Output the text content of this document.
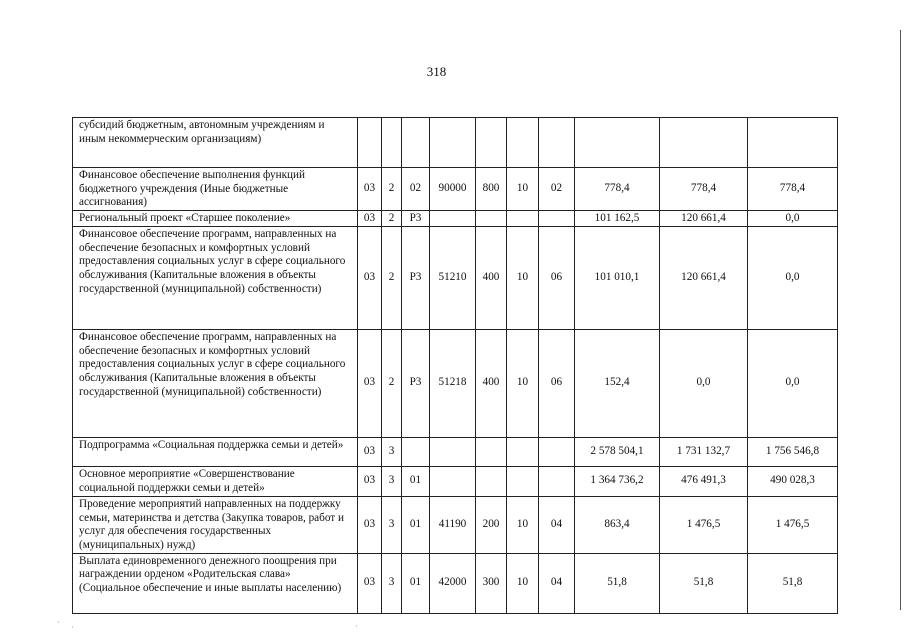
318
субсидий бюджетным, автономным учреждениям и иным некоммерческим организациям)										
Финансовое обеспечение выполнения функций бюджетного учреждения (Иные бюджетные ассигнования)	03	2	02	90000	800	10	02	778,4	778,4	778,4
Региональный проект «Старшее поколение»	03	2	P3					101 162,5	120 661,4	0,0
Финансовое обеспечение программ, направленных на обеспечение безопасных и комфортных условий предоставления социальных услуг в сфере социального обслуживания (Капитальные вложения в объекты государственной (муниципальной) собственности)	03	2	P3	51210	400	10	06	101 010,1	120 661,4	0,0
Финансовое обеспечение программ, направленных на обеспечение безопасных и комфортных условий предоставления социальных услуг в сфере социального обслуживания (Капитальные вложения в объекты государственной (муниципальной) собственности)	03	2	P3	51218	400	10	06	152,4	0,0	0,0
Подпрограмма «Социальная поддержка семьи и детей»	03	3						2 578 504,1	1 731 132,7	1 756 546,8
Основное мероприятие «Совершенствование социальной поддержки семьи и детей»	03	3	01					1 364 736,2	476 491,3	490 028,3
Проведение мероприятий направленных на поддержку семьи, материнства и детства (Закупка товаров, работ и услуг для обеспечения государственных (муниципальных) нужд)	03	3	01	41190	200	10	04	863,4	1 476,5	1 476,5
Выплата единовременного денежного поощрения при награждении орденом «Родительская слава» (Социальное обеспечение и иные выплаты населению)	03	3	01	42000	300	10	04	51,8	51,8	51,8
·
·	·
